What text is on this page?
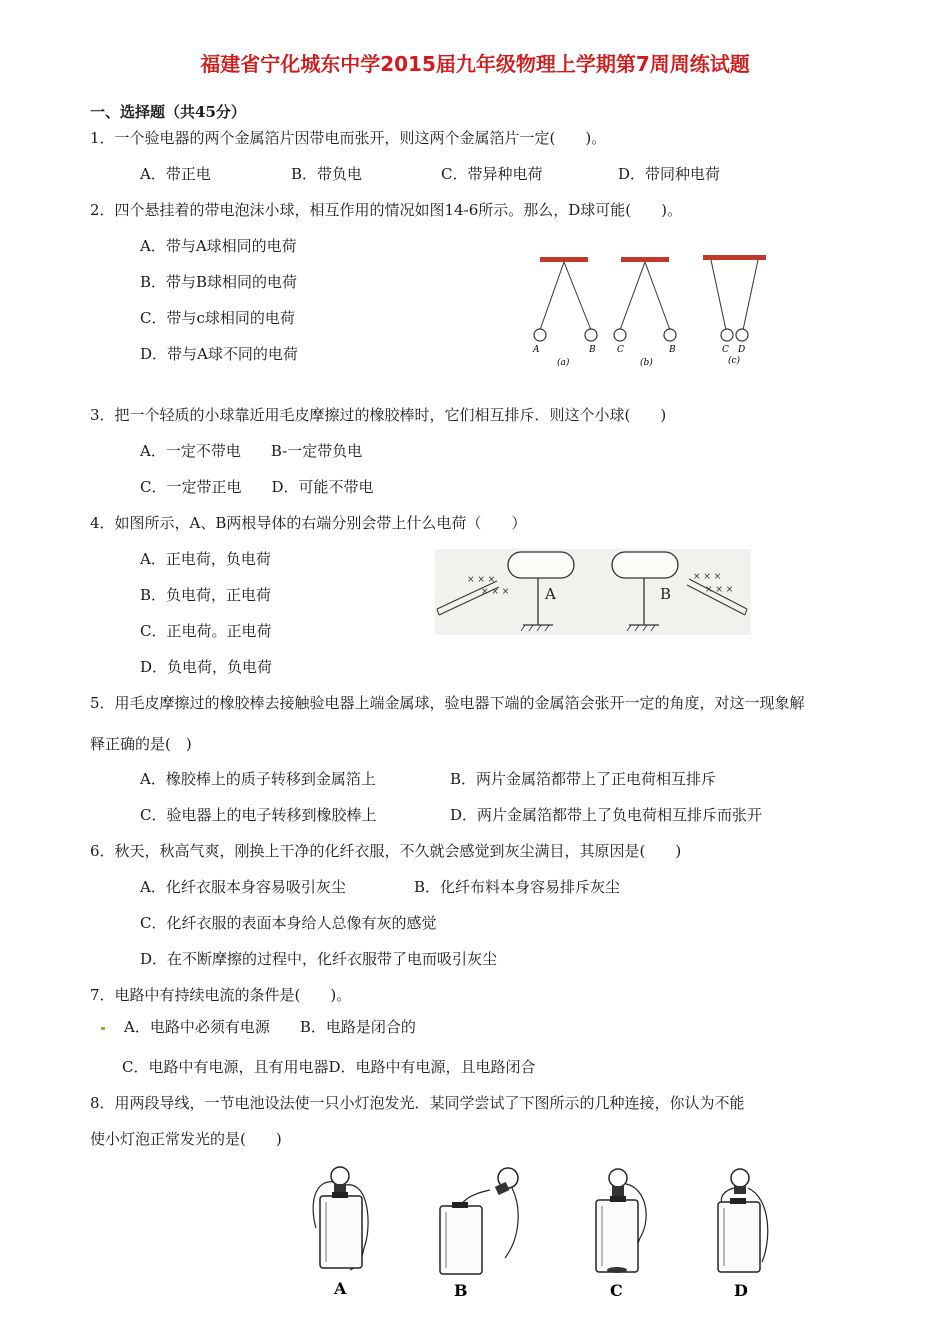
福建省宁化城东中学2015届九年级物理上学期第7周周练试题
一、选择题（共45分）
1．一个验电器的两个金属箔片因带电而张开，则这两个金属箔片一定(　　)。
A．带正电	B．带负电	C．带异种电荷	D．带同种电荷
2．四个悬挂着的带电泡沫小球，相互作用的情况如图14-6所示。那么，D球可能(　　)。
A．带与A球相同的电荷
B．带与B球相同的电荷
C．带与c球相同的电荷
D．带与A球不同的电荷	A	B
(a)
C	B
(b)
C D
(c)
3．把一个轻质的小球靠近用毛皮摩擦过的橡胶棒时，它们相互排斥．则这个小球(　　)
A．一定不带电　　B-一定带负电
C．一定带正电　　D．可能不带电
4．如图所示，A、B两根导体的右端分别会带上什么电荷（　　）
A．正电荷，负电荷
B．负电荷，正电荷
C．正电荷。正电荷
D．负电荷，负电荷
× × ×
× × × A	B
× × ×
× × ×
5．用毛皮摩擦过的橡胶棒去接触验电器上端金属球，验电器下端的金属箔会张开一定的角度，对这一现象解
释正确的是(　)
A．橡胶棒上的质子转移到金属箔上	B．两片金属箔都带上了正电荷相互排斥
C．验电器上的电子转移到橡胶棒上	D．两片金属箔都带上了负电荷相互排斥而张开
6．秋天，秋高气爽，刚换上干净的化纤衣服，不久就会感觉到灰尘满目，其原因是(　　)
A．化纤衣服本身容易吸引灰尘	B．化纤布料本身容易排斥灰尘
C．化纤衣服的表面本身给人总像有灰的感觉
D．在不断摩擦的过程中，化纤衣服带了电而吸引灰尘
7．电路中有持续电流的条件是(　　)。
A．电路中必须有电源　　B．电路是闭合的
C．电路中有电源，且有用电器D．电路中有电源，且电路闭合
8．用两段导线，一节电池设法使一只小灯泡发光．某同学尝试了下图所示的几种连接，你认为不能
使小灯泡正常发光的是(　　)
A	B	C	D
